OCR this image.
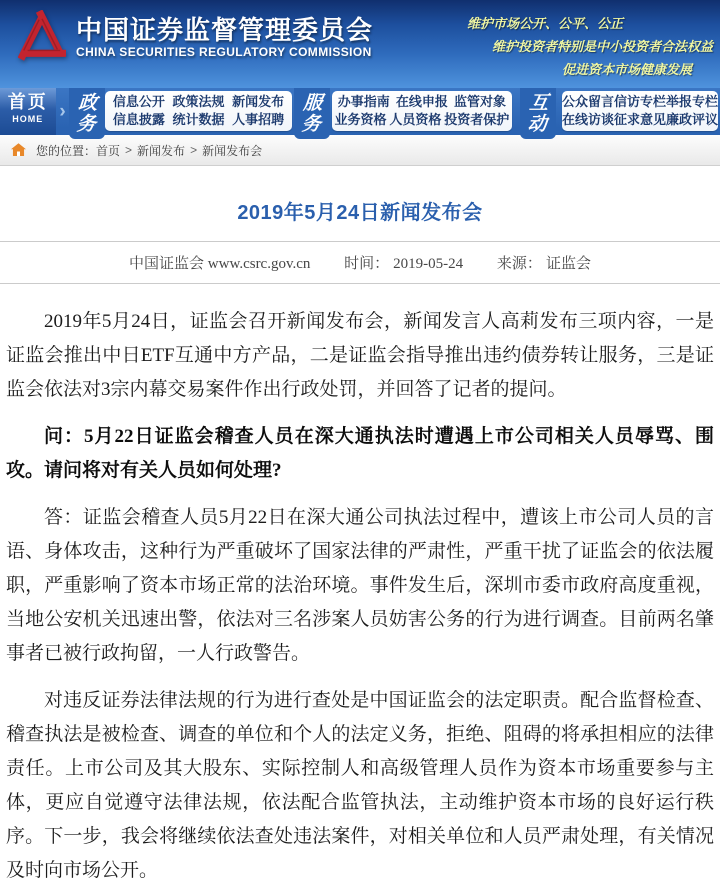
中国证券监督管理委员会
CHINA SECURITIES REGULATORY COMMISSION
维护市场公开、公平、公正
维护投资者特别是中小投资者合法权益
促进资本市场健康发展
首页
HOME › 政务
信息公开 政策法规 新闻发布
信息披露 统计数据 人事招聘
服务
办事指南 在线申报 监管对象
业务资格 人员资格 投资者保护
互动
公众留言 信访专栏 举报专栏
在线访谈 征求意见 廉政评议
您的位置： 首页 > 新闻发布 > 新闻发布会
2019年5月24日新闻发布会
中国证监会 www.csrc.gov.cn 时间： 2019-05-24 来源： 证监会

2019年5月24日，证监会召开新闻发布会，新闻发言人高莉发布三项内容，一是证监会推出中日ETF互通中方产品，二是证监会指导推出违约债券转让服务，三是证监会依法对3宗内幕交易案件作出行政处罚，并回答了记者的提问。

问：5月22日证监会稽查人员在深大通执法时遭遇上市公司相关人员辱骂、围攻。请问将对有关人员如何处理?

答：证监会稽查人员5月22日在深大通公司执法过程中，遭该上市公司人员的言语、身体攻击，这种行为严重破坏了国家法律的严肃性，严重干扰了证监会的依法履职，严重影响了资本市场正常的法治环境。事件发生后，深圳市委市政府高度重视，当地公安机关迅速出警，依法对三名涉案人员妨害公务的行为进行调查。目前两名肇事者已被行政拘留，一人行政警告。

对违反证券法律法规的行为进行查处是中国证监会的法定职责。配合监督检查、稽查执法是被检查、调查的单位和个人的法定义务，拒绝、阻碍的将承担相应的法律责任。上市公司及其大股东、实际控制人和高级管理人员作为资本市场重要参与主体，更应自觉遵守法律法规，依法配合监管执法，主动维护资本市场的良好运行秩序。下一步，我会将继续依法查处违法案件，对相关单位和人员严肃处理，有关情况及时向市场公开。
